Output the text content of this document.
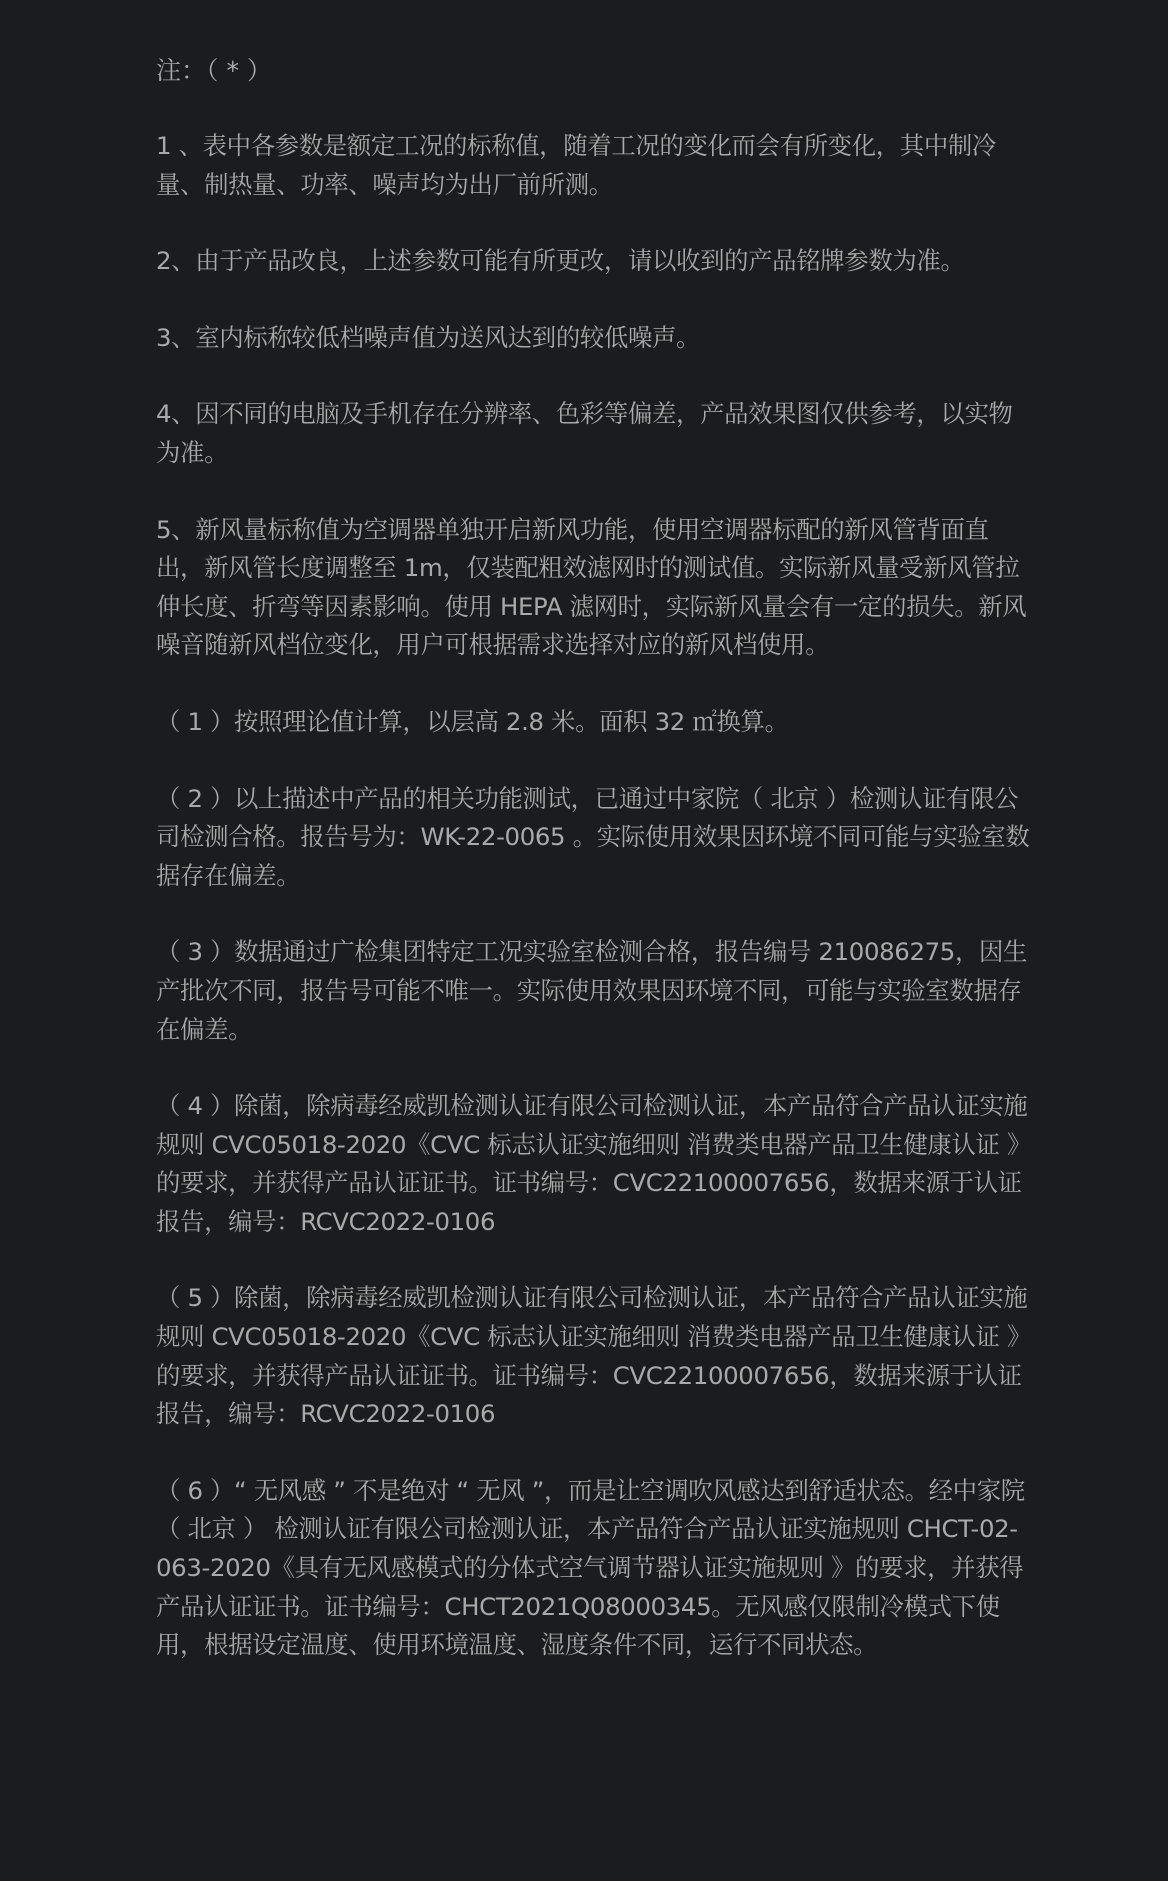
注：（ * ）
1 、表中各参数是额定工况的标称值，随着工况的变化而会有所变化，其中制冷量、制热量、功率、噪声均为出厂前所测。
2、由于产品改良，上述参数可能有所更改，请以收到的产品铭牌参数为准。
3、室内标称较低档噪声值为送风达到的较低噪声。
4、因不同的电脑及手机存在分辨率、色彩等偏差，产品效果图仅供参考，以实物为准。
5、新风量标称值为空调器单独开启新风功能，使用空调器标配的新风管背面直出，新风管长度调整至 1m，仅装配粗效滤网时的测试值。实际新风量受新风管拉伸长度、折弯等因素影响。使用 HEPA 滤网时，实际新风量会有一定的损失。新风噪音随新风档位变化，用户可根据需求选择对应的新风档使用。
（ 1 ）按照理论值计算，以层高 2.8 米。面积 32 ㎡换算。
（ 2 ）以上描述中产品的相关功能测试，已通过中家院（ 北京 ）检测认证有限公司检测合格。报告号为：WK-22-0065 。实际使用效果因环境不同可能与实验室数据存在偏差。
（ 3 ）数据通过广检集团特定工况实验室检测合格，报告编号 210086275，因生产批次不同，报告号可能不唯一。实际使用效果因环境不同，可能与实验室数据存在偏差。
（ 4 ）除菌，除病毒经威凯检测认证有限公司检测认证，本产品符合产品认证实施规则 CVC05018-2020《CVC 标志认证实施细则 消费类电器产品卫生健康认证 》的要求，并获得产品认证证书。证书编号：CVC22100007656，数据来源于认证报告，编号：RCVC2022-0106
（ 5 ）除菌，除病毒经威凯检测认证有限公司检测认证，本产品符合产品认证实施规则 CVC05018-2020《CVC 标志认证实施细则 消费类电器产品卫生健康认证 》的要求，并获得产品认证证书。证书编号：CVC22100007656，数据来源于认证报告，编号：RCVC2022-0106
（ 6 ）“ 无风感 ” 不是绝对 “ 无风 ”，而是让空调吹风感达到舒适状态。经中家院 （ 北京 ） 检测认证有限公司检测认证，本产品符合产品认证实施规则 CHCT-02-063-2020《具有无风感模式的分体式空气调节器认证实施规则 》的要求，并获得产品认证证书。证书编号：CHCT2021Q08000345。无风感仅限制冷模式下使用，根据设定温度、使用环境温度、湿度条件不同，运行不同状态。
